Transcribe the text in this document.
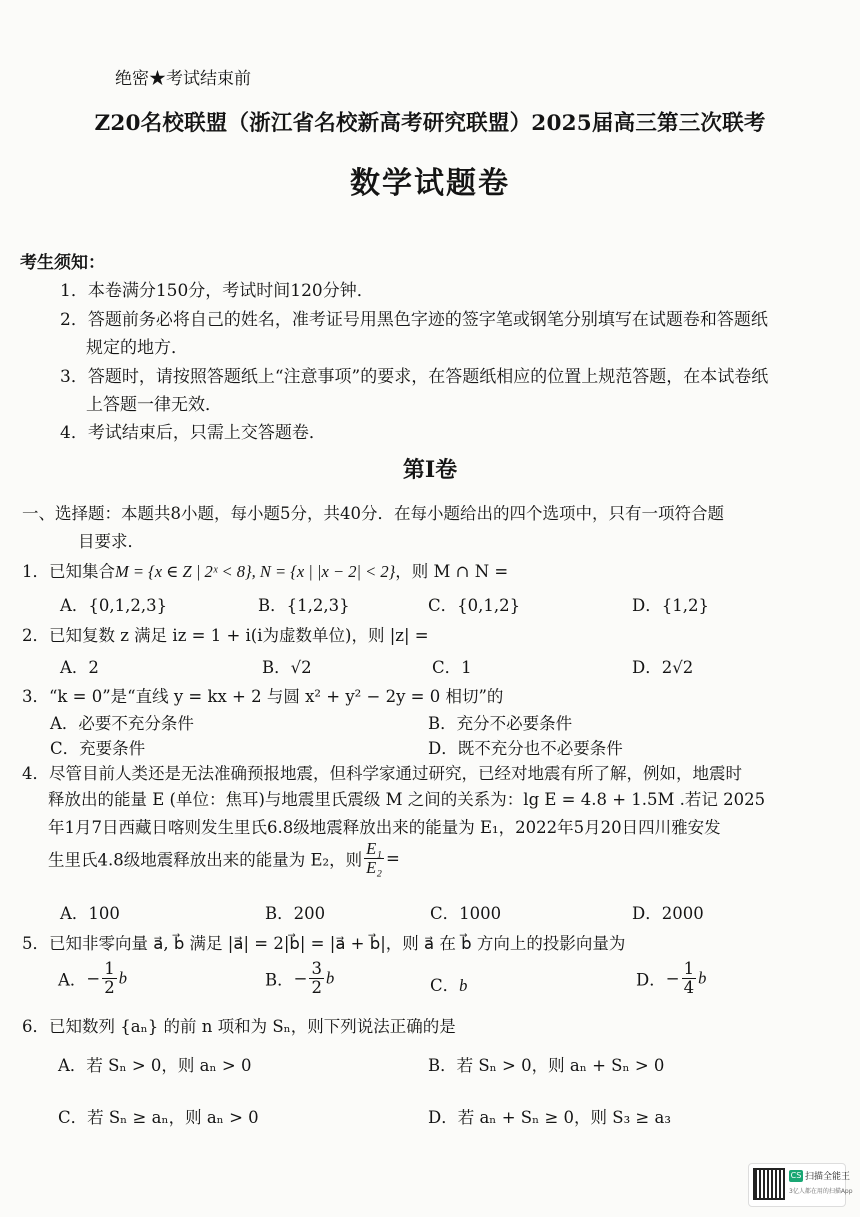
绝密★考试结束前
Z20名校联盟（浙江省名校新高考研究联盟）2025届高三第三次联考
数学试题卷
考生须知：
1．本卷满分150分，考试时间120分钟．
2．答题前务必将自己的姓名，准考证号用黑色字迹的签字笔或钢笔分别填写在试题卷和答题纸
规定的地方．
3．答题时，请按照答题纸上“注意事项”的要求，在答题纸相应的位置上规范答题，在本试卷纸
上答题一律无效．
4．考试结束后，只需上交答题卷．
第Ⅰ卷
一、选择题：本题共8小题，每小题5分，共40分．在每小题给出的四个选项中，只有一项符合题
目要求．
1．已知集合M = {x ∈ Z | 2ˣ < 8}, N = {x | |x − 2| < 2}，则 M ∩ N =
A．{0,1,2,3}	B．{1,2,3}	C．{0,1,2}	D．{1,2}
2．已知复数 z 满足 iz = 1 + i(i为虚数单位)，则 |z| =
A．2	B．√2	C．1	D．2√2
3．“k = 0”是“直线 y = kx + 2 与圆 x² + y² − 2y = 0 相切”的
A．必要不充分条件	B．充分不必要条件
C．充要条件	D．既不充分也不必要条件
4．尽管目前人类还是无法准确预报地震，但科学家通过研究，已经对地震有所了解，例如，地震时
释放出的能量 E (单位：焦耳)与地震里氏震级 M 之间的关系为：lg E = 4.8 + 1.5M .若记 2025
年1月7日西藏日喀则发生里氏6.8级地震释放出来的能量为 E₁，2022年5月20日四川雅安发
生里氏4.8级地震释放出来的能量为 E₂，则 $\frac{\text{E₁}}{\text{E₂}}$ =
A．100	B．200	C．1000	D．2000
5．已知非零向量 a⃗, b⃗ 满足 |a⃗| = 2|b⃗| = |a⃗ + b⃗|，则 a⃗ 在 b⃗ 方向上的投影向量为
A．− $\frac{1}{2}$ b⃗	B．− $\frac{3}{2}$ b⃗	C．b⃗	D．− $\frac{1}{4}$ b⃗
6．已知数列 {aₙ} 的前 n 项和为 Sₙ，则下列说法正确的是
A．若 Sₙ > 0，则 aₙ > 0	B．若 Sₙ > 0，则 aₙ + Sₙ > 0
C．若 Sₙ ≥ aₙ，则 aₙ > 0	D．若 aₙ + Sₙ ≥ 0，则 S₃ ≥ a₃
CS 扫描全能王
3亿人都在用的扫描App
